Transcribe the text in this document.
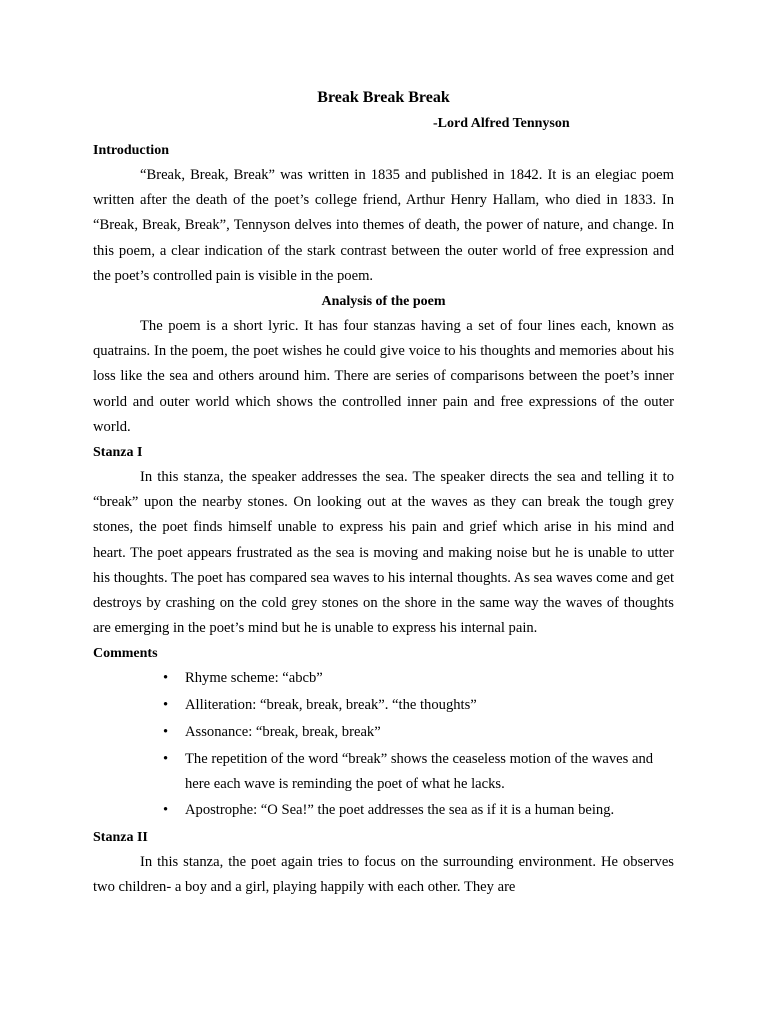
Break Break Break
-Lord Alfred Tennyson
Introduction

“Break, Break, Break” was written in 1835 and published in 1842. It is an elegiac poem written after the death of the poet’s college friend, Arthur Henry Hallam, who died in 1833. In “Break, Break, Break”, Tennyson delves into themes of death, the power of nature, and change. In this poem, a clear indication of the stark contrast between the outer world of free expression and the poet’s controlled pain is visible in the poem.

Analysis of the poem

The poem is a short lyric. It has four stanzas having a set of four lines each, known as quatrains. In the poem, the poet wishes he could give voice to his thoughts and memories about his loss like the sea and others around him. There are series of comparisons between the poet’s inner world and outer world which shows the controlled inner pain and free expressions of the outer world.

Stanza I

In this stanza, the speaker addresses the sea. The speaker directs the sea and telling it to “break” upon the nearby stones. On looking out at the waves as they can break the tough grey stones, the poet finds himself unable to express his pain and grief which arise in his mind and heart. The poet appears frustrated as the sea is moving and making noise but he is unable to utter his thoughts. The poet has compared sea waves to his internal thoughts. As sea waves come and get destroys by crashing on the cold grey stones on the shore in the same way the waves of thoughts are emerging in the poet’s mind but he is unable to express his internal pain.

Comments
• Rhyme scheme: “abcb”
• Alliteration: “break, break, break”. “the thoughts”
• Assonance: “break, break, break”
• The repetition of the word “break” shows the ceaseless motion of the waves and here each wave is reminding the poet of what he lacks.
• Apostrophe: “O Sea!” the poet addresses the sea as if it is a human being.
Stanza II

In this stanza, the poet again tries to focus on the surrounding environment. He observes two children- a boy and a girl, playing happily with each other. They are
